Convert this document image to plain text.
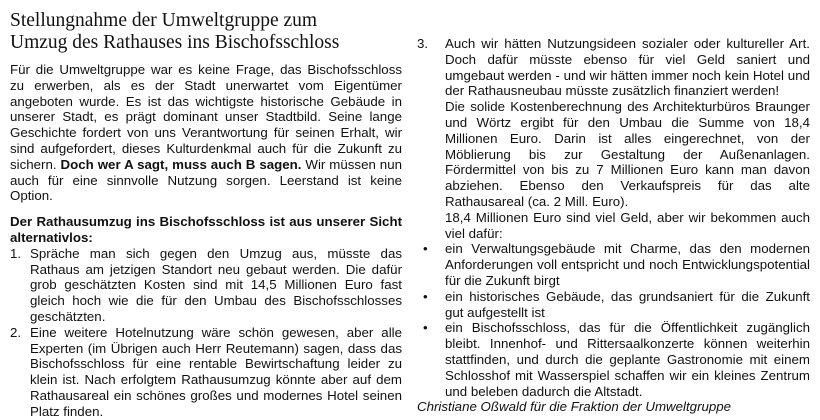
Stellungnahme der Umweltgruppe zum
Umzug des Rathauses ins Bischofsschloss

Für die Umweltgruppe war es keine Frage, das Bischofsschloss zu erwerben, als es der Stadt unerwartet vom Eigentümer angeboten wurde. Es ist das wichtigste historische Gebäude in unserer Stadt, es prägt dominant unser Stadtbild. Seine lange Geschichte fordert von uns Verantwortung für seinen Erhalt, wir sind aufgefordert, dieses Kulturdenkmal auch für die Zukunft zu sichern. Doch wer A sagt, muss auch B sagen. Wir müssen nun auch für eine sinnvolle Nutzung sorgen. Leerstand ist keine Option.

Der Rathausumzug ins Bischofsschloss ist aus unserer Sicht alternativlos:

1. Spräche man sich gegen den Umzug aus, müsste das Rathaus am jetzigen Standort neu gebaut werden. Die dafür grob geschätzten Kosten sind mit 14,5 Millionen Euro fast gleich hoch wie die für den Umbau des Bischofsschlosses geschätzten.
2. Eine weitere Hotelnutzung wäre schön gewesen, aber alle Experten (im Übrigen auch Herr Reutemann) sagen, dass das Bischofsschloss für eine rentable Bewirtschaftung leider zu klein ist. Nach erfolgtem Rathausumzug könnte aber auf dem Rathausareal ein schönes großes und modernes Hotel seinen Platz finden.
3. Auch wir hätten Nutzungsideen sozialer oder kultureller Art. Doch dafür müsste ebenso für viel Geld saniert und umgebaut werden - und wir hätten immer noch kein Hotel und der Rathausneubau müsste zusätzlich finanziert werden!

Die solide Kostenberechnung des Architekturbüros Braunger und Wörtz ergibt für den Umbau die Summe von 18,4 Millionen Euro. Darin ist alles eingerechnet, von der Möblierung bis zur Gestaltung der Außenanlagen. Fördermittel von bis zu 7 Millionen Euro kann man davon abziehen. Ebenso den Verkaufspreis für das alte Rathausareal (ca. 2 Mill. Euro).

18,4 Millionen Euro sind viel Geld, aber wir bekommen auch viel dafür:

• ein Verwaltungsgebäude mit Charme, das den modernen Anforderungen voll entspricht und noch Entwicklungspotential für die Zukunft birgt
• ein historisches Gebäude, das grundsaniert für die Zukunft gut aufgestellt ist
• ein Bischofsschloss, das für die Öffentlichkeit zugänglich bleibt. Innenhof- und Rittersaalkonzerte können weiterhin stattfinden, und durch die geplante Gastronomie mit einem Schlosshof mit Wasserspiel schaffen wir ein kleines Zentrum und beleben dadurch die Altstadt.

Christiane Oßwald für die Fraktion der Umweltgruppe
